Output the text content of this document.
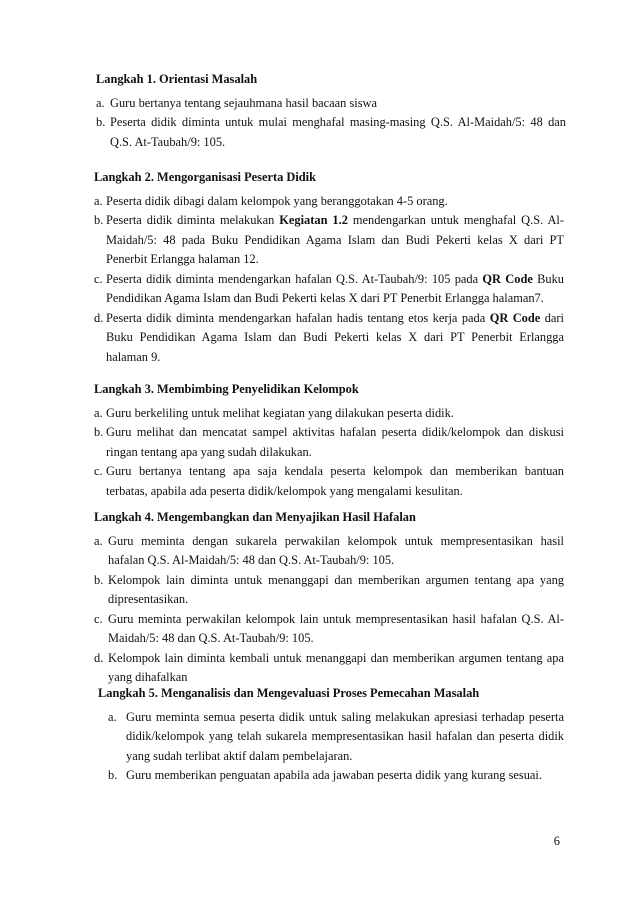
Langkah 1. Orientasi Masalah

a. Guru bertanya tentang sejauhmana hasil bacaan siswa
b. Peserta didik diminta untuk mulai menghafal masing-masing Q.S. Al-Maidah/5: 48 dan Q.S. At-Taubah/9: 105.

Langkah 2. Mengorganisasi Peserta Didik

a. Peserta didik dibagi dalam kelompok yang beranggotakan 4-5 orang.
b. Peserta didik diminta melakukan Kegiatan 1.2 mendengarkan untuk menghafal Q.S. Al-Maidah/5: 48 pada Buku Pendidikan Agama Islam dan Budi Pekerti kelas X dari PT Penerbit Erlangga halaman 12.
c. Peserta didik diminta mendengarkan hafalan Q.S. At-Taubah/9: 105 pada QR Code Buku Pendidikan Agama Islam dan Budi Pekerti kelas X dari PT Penerbit Erlangga halaman7.
d. Peserta didik diminta mendengarkan hafalan hadis tentang etos kerja pada QR Code dari Buku Pendidikan Agama Islam dan Budi Pekerti kelas X dari PT Penerbit Erlangga halaman 9.

Langkah 3. Membimbing Penyelidikan Kelompok

a. Guru berkeliling untuk melihat kegiatan yang dilakukan peserta didik.
b. Guru melihat dan mencatat sampel aktivitas hafalan peserta didik/kelompok dan diskusi ringan tentang apa yang sudah dilakukan.
c. Guru bertanya tentang apa saja kendala peserta kelompok dan memberikan bantuan terbatas, apabila ada peserta didik/kelompok yang mengalami kesulitan.

Langkah 4. Mengembangkan dan Menyajikan Hasil Hafalan

a. Guru meminta dengan sukarela perwakilan kelompok untuk mempresentasikan hasil hafalan Q.S. Al-Maidah/5: 48 dan Q.S. At-Taubah/9: 105.
b. Kelompok lain diminta untuk menanggapi dan memberikan argumen tentang apa yang dipresentasikan.
c. Guru meminta perwakilan kelompok lain untuk mempresentasikan hasil hafalan Q.S. Al-Maidah/5: 48 dan Q.S. At-Taubah/9: 105.
d. Kelompok lain diminta kembali untuk menanggapi dan memberikan argumen tentang apa yang dihafalkan

Langkah 5. Menganalisis dan Mengevaluasi Proses Pemecahan Masalah

a. Guru meminta semua peserta didik untuk saling melakukan apresiasi terhadap peserta didik/kelompok yang telah sukarela mempresentasikan hasil hafalan dan peserta didik yang sudah terlibat aktif dalam pembelajaran.
b. Guru memberikan penguatan apabila ada jawaban peserta didik yang kurang sesuai.
6
